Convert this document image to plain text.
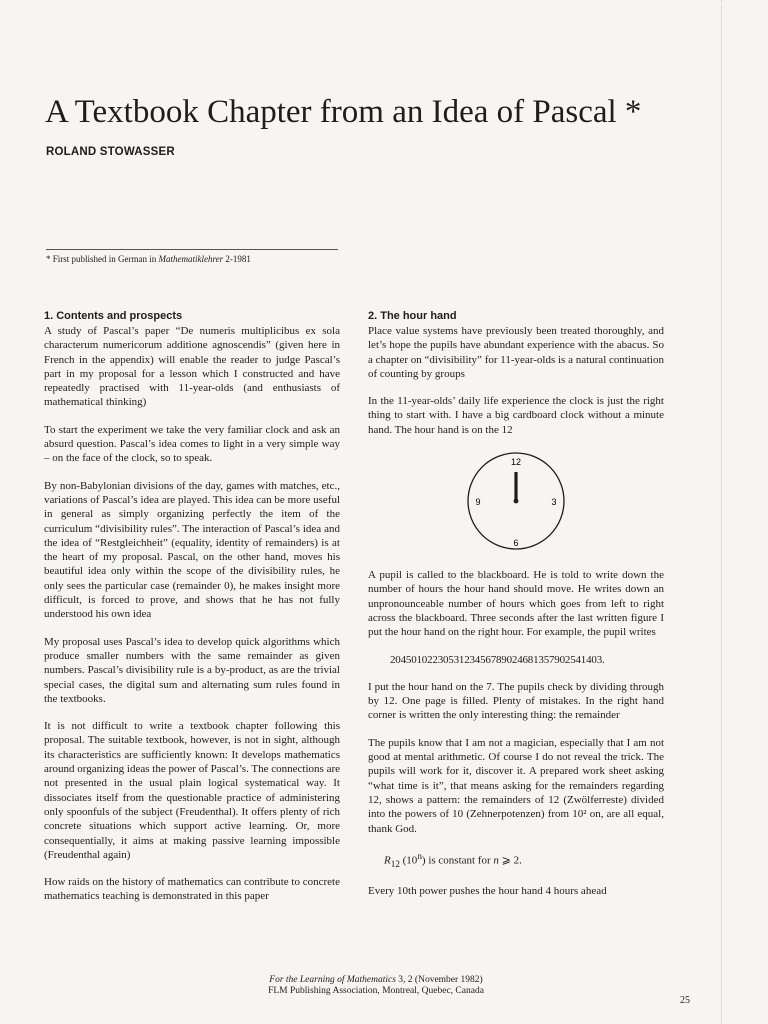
A Textbook Chapter from an Idea of Pascal *
ROLAND STOWASSER
* First published in German in Mathematiklehrer 2-1981
1. Contents and prospects

A study of Pascal’s paper “De numeris multiplicibus ex sola characterum numericorum additione agnoscendis” (given here in French in the appendix) will enable the reader to judge Pascal’s part in my proposal for a lesson which I constructed and have repeatedly practised with 11-year-olds (and enthusiasts of mathematical thinking)

To start the experiment we take the very familiar clock and ask an absurd question. Pascal’s idea comes to light in a very simple way – on the face of the clock, so to speak.

By non-Babylonian divisions of the day, games with matches, etc., variations of Pascal’s idea are played. This idea can be more useful in general as simply organizing perfectly the item of the curriculum “divisibility rules”. The interaction of Pascal’s idea and the idea of “Restgleichheit” (equality, identity of remainders) is at the heart of my proposal. Pascal, on the other hand, moves his beautiful idea only within the scope of the divisibility rules, he only sees the particular case (remainder 0), he makes insight more difficult, is forced to prove, and shows that he has not fully understood his own idea

My proposal uses Pascal’s idea to develop quick algorithms which produce smaller numbers with the same remainder as given numbers. Pascal’s divisibility rule is a by-product, as are the trivial special cases, the digital sum and alternating sum rules found in the textbooks.

It is not difficult to write a textbook chapter following this proposal. The suitable textbook, however, is not in sight, although its characteristics are sufficiently known: It develops mathematics around organizing ideas the power of Pascal’s. The connections are not presented in the usual plain logical systematical way. It dissociates itself from the questionable practice of administering only spoonfuls of the subject (Freudenthal). It offers plenty of rich concrete situations which support active learning. Or, more consequentially, it aims at making passive learning impossible (Freudenthal again)

How raids on the history of mathematics can contribute to concrete mathematics teaching is demonstrated in this paper

2. The hour hand

Place value systems have previously been treated thoroughly, and let’s hope the pupils have abundant experience with the abacus. So a chapter on “divisibility” for 11-year-olds is a natural continuation of counting by groups

In the 11-year-olds’ daily life experience the clock is just the right thing to start with. I have a big cardboard clock without a minute hand. The hour hand is on the 12

12
3
6
9

A pupil is called to the blackboard. He is told to write down the number of hours the hour hand should move. He writes down an unpronounceable number of hours which goes from left to right across the blackboard. Three seconds after the last written figure I put the hour hand on the right hour. For example, the pupil writes

2045010223053123456789024681357902541403.

I put the hour hand on the 7. The pupils check by dividing through by 12. One page is filled. Plenty of mistakes. In the right hand corner is written the only interesting thing: the remainder

The pupils know that I am not a magician, especially that I am not good at mental arithmetic. Of course I do not reveal the trick. The pupils will work for it, discover it. A prepared work sheet asking “what time is it”, that means asking for the remainders regarding 12, shows a pattern: the remainders of 12 (Zwölferreste) divided into the powers of 10 (Zehnerpotenzen) from 10² on, are all equal, thank God.

$R_{12}$ (10$^n$) is constant for n ⩾ 2.

Every 10th power pushes the hour hand 4 hours ahead

For the Learning of Mathematics 3, 2 (November 1982)
FLM Publishing Association, Montreal, Quebec, Canada
25
